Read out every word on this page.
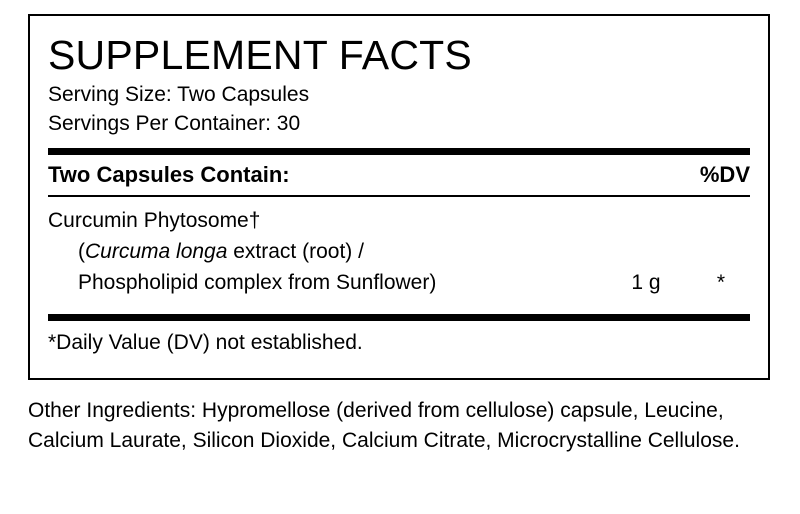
SUPPLEMENT FACTS
Serving Size: Two Capsules
Servings Per Container: 30
Two Capsules Contain:	%DV
Curcumin Phytosome†
(Curcuma longa extract (root) /
Phospholipid complex from Sunflower)	1 g	*
*Daily Value (DV) not established.
Other Ingredients: Hypromellose (derived from cellulose) capsule, Leucine, Calcium Laurate, Silicon Dioxide, Calcium Citrate, Microcrystalline Cellulose.
